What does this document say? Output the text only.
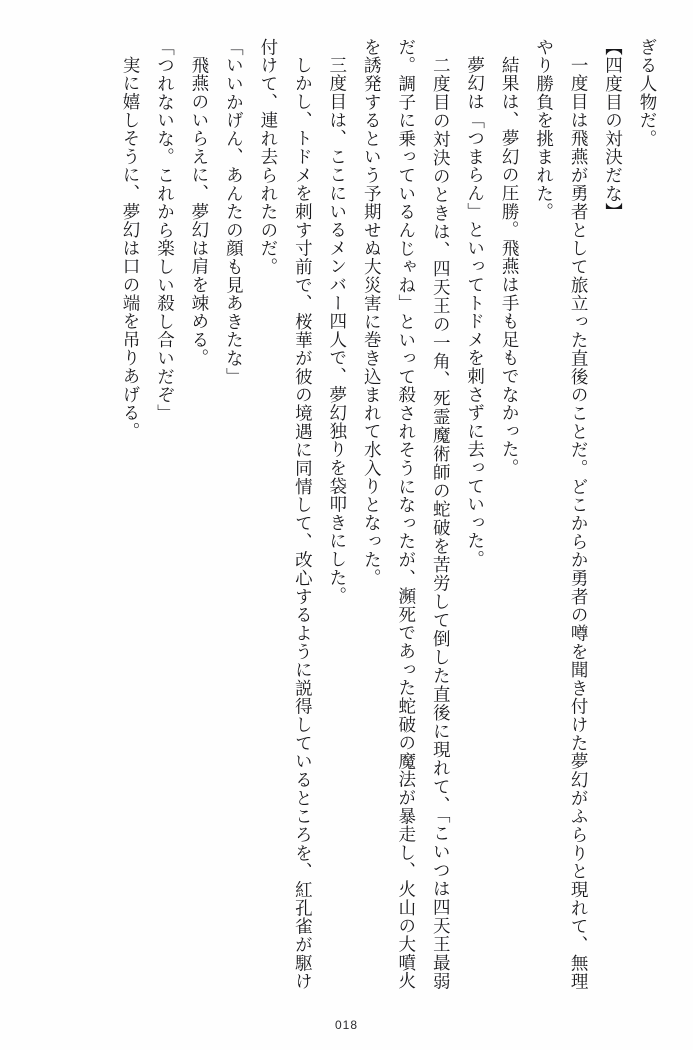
ぎる人物だ。

【四度目の対決だな】

一度目は飛燕が勇者として旅立った直後のことだ。どこからか勇者の噂を聞き付けた夢幻がふらりと現れて、無理やり勝負を挑まれた。

結果は、夢幻の圧勝。飛燕は手も足もでなかった。

夢幻は「つまらん」といってトドメを刺さずに去っていった。

二度目の対決のときは、四天王の一角、死霊魔術師の蛇破を苦労して倒した直後に現れて、「こいつは四天王最弱だ。調子に乗っているんじゃね」といって殺されそうになったが、瀕死であった蛇破の魔法が暴走し、火山の大噴火を誘発するという予期せぬ大災害に巻き込まれて水入りとなった。

三度目は、ここにいるメンバー四人で、夢幻独りを袋叩きにした。

しかし、トドメを刺す寸前で、桜華が彼の境遇に同情して、改心するように説得しているところを、紅孔雀が駆け付けて、連れ去られたのだ。

「いいかげん、あんたの顔も見あきたな」

飛燕のいらえに、夢幻は肩を竦める。

「つれないな。これから楽しい殺し合いだぞ」

実に嬉しそうに、夢幻は口の端を吊りあげる。

018
